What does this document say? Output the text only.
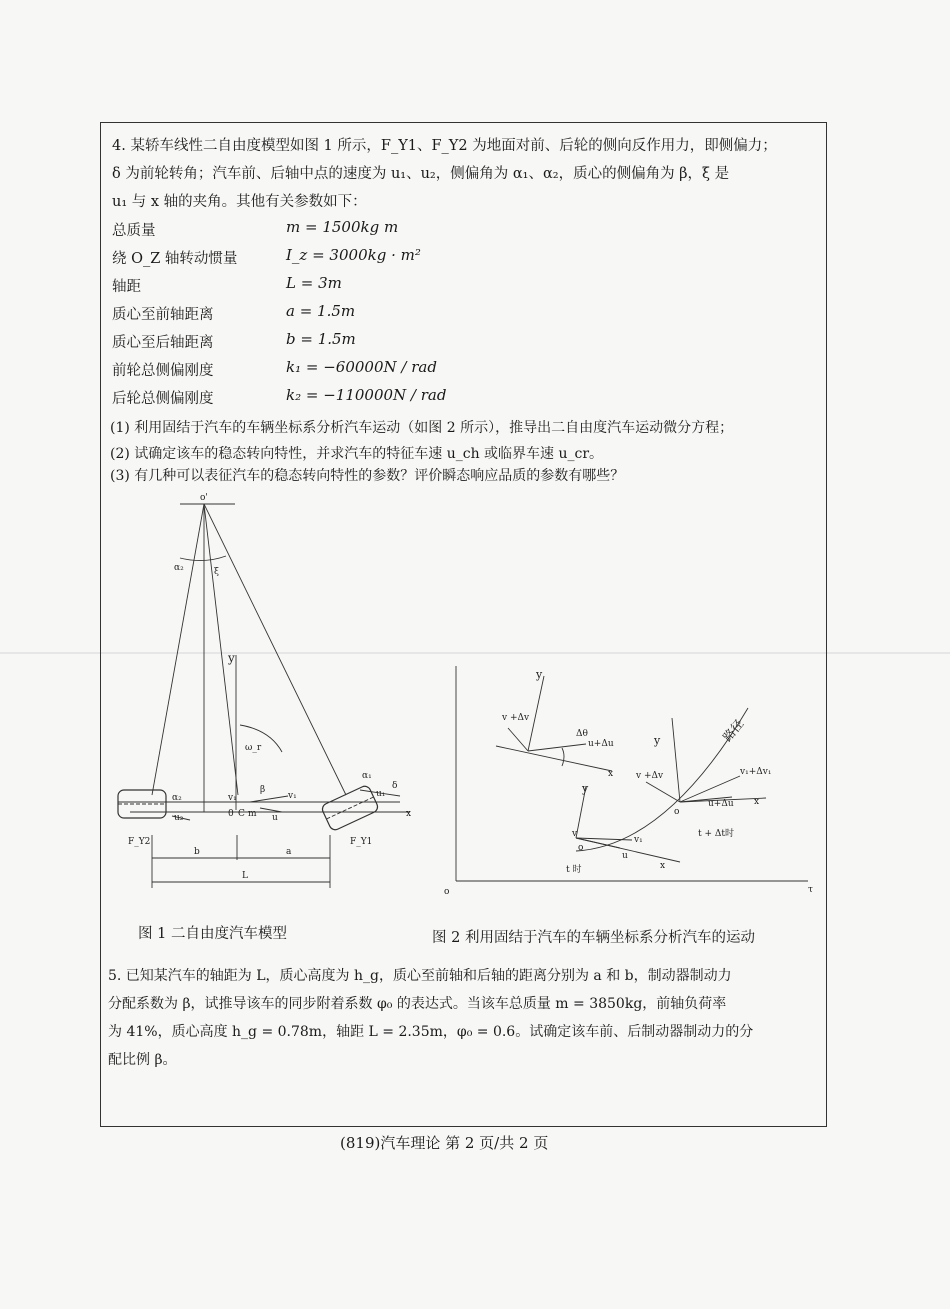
4. 某轿车线性二自由度模型如图 1 所示，F_Y1、F_Y2 为地面对前、后轮的侧向反作用力，即侧偏力；
δ 为前轮转角；汽车前、后轴中点的速度为 u₁、u₂，侧偏角为 α₁、α₂，质心的侧偏角为 β，ξ 是
u₁ 与 x 轴的夹角。其他有关参数如下：
总质量	m = 1500kg m
绕 O_Z 轴转动惯量	I_z = 3000kg · m²
轴距	L = 3m
质心至前轴距离	a = 1.5m
质心至后轴距离	b = 1.5m
前轮总侧偏刚度	k₁ = −60000N / rad
后轮总侧偏刚度	k₂ = −110000N / rad
(1) 利用固结于汽车的车辆坐标系分析汽车运动（如图 2 所示），推导出二自由度汽车运动微分方程；
(2) 试确定该车的稳态转向特性，并求汽车的特征车速 u_ch 或临界车速 u_cr。
(3) 有几种可以表征汽车的稳态转向特性的参数？评价瞬态响应品质的参数有哪些？
o'
α₂	ξ
y
ω_r
α₂
u₂
v₁
β
v₁
α₁
u₁
δ
x
0 C m u
F_Y2	F_Y1
b	a
L
y
v +Δv
Δθ
u+Δu
x
y	路径
v +Δv	v₁+Δv₁
o
u+Δu x
t + Δt时
y
v
v₁
o
u
x
t 时
o	τ
图 1 二自由度汽车模型	图 2 利用固结于汽车的车辆坐标系分析汽车的运动
5. 已知某汽车的轴距为 L，质心高度为 h_g，质心至前轴和后轴的距离分别为 a 和 b，制动器制动力
分配系数为 β，试推导该车的同步附着系数 φ₀ 的表达式。当该车总质量 m = 3850kg，前轴负荷率
为 41%，质心高度 h_g = 0.78m，轴距 L = 2.35m，φ₀ = 0.6。试确定该车前、后制动器制动力的分
配比例 β。
(819)汽车理论 第 2 页/共 2 页
